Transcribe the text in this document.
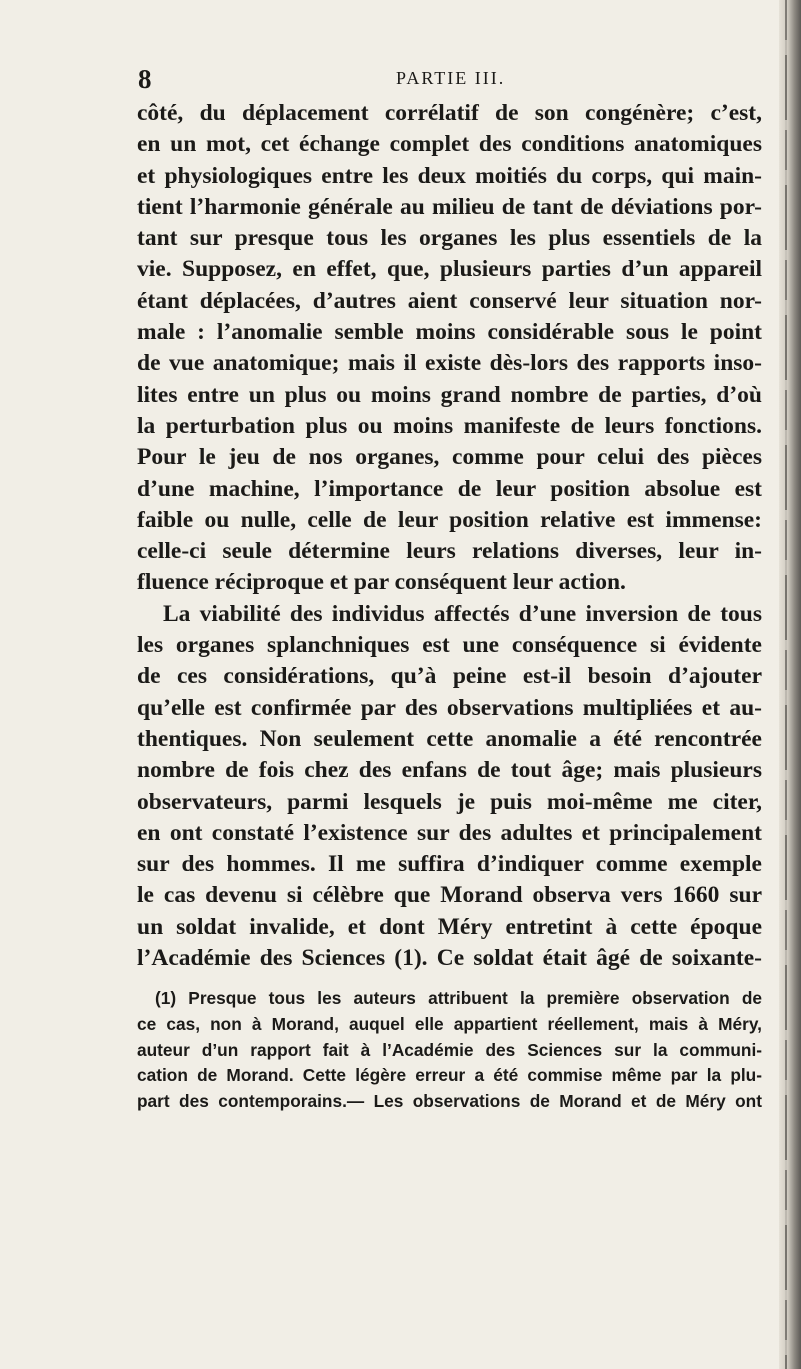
8	PARTIE III.
côté, du déplacement corrélatif de son congénère; c’est,
en un mot, cet échange complet des conditions anatomiques
et physiologiques entre les deux moitiés du corps, qui main-
tient l’harmonie générale au milieu de tant de déviations por-
tant sur presque tous les organes les plus essentiels de la
vie. Supposez, en effet, que, plusieurs parties d’un appareil
étant déplacées, d’autres aient conservé leur situation nor-
male : l’anomalie semble moins considérable sous le point
de vue anatomique; mais il existe dès-lors des rapports inso-
lites entre un plus ou moins grand nombre de parties, d’où
la perturbation plus ou moins manifeste de leurs fonctions.
Pour le jeu de nos organes, comme pour celui des pièces
d’une machine, l’importance de leur position absolue est
faible ou nulle, celle de leur position relative est immense:
celle-ci seule détermine leurs relations diverses, leur in-
fluence réciproque et par conséquent leur action.
La viabilité des individus affectés d’une inversion de tous
les organes splanchniques est une conséquence si évidente
de ces considérations, qu’à peine est-il besoin d’ajouter
qu’elle est confirmée par des observations multipliées et au-
thentiques. Non seulement cette anomalie a été rencontrée
nombre de fois chez des enfans de tout âge; mais plusieurs
observateurs, parmi lesquels je puis moi-même me citer,
en ont constaté l’existence sur des adultes et principalement
sur des hommes. Il me suffira d’indiquer comme exemple
le cas devenu si célèbre que Morand observa vers 1660 sur
un soldat invalide, et dont Méry entretint à cette époque
l’Académie des Sciences (1). Ce soldat était âgé de soixante-
(1) Presque tous les auteurs attribuent la première observation de
ce cas, non à Morand, auquel elle appartient réellement, mais à Méry,
auteur d’un rapport fait à l’Académie des Sciences sur la communi-
cation de Morand. Cette légère erreur a été commise même par la plu-
part des contemporains.— Les observations de Morand et de Méry ont
